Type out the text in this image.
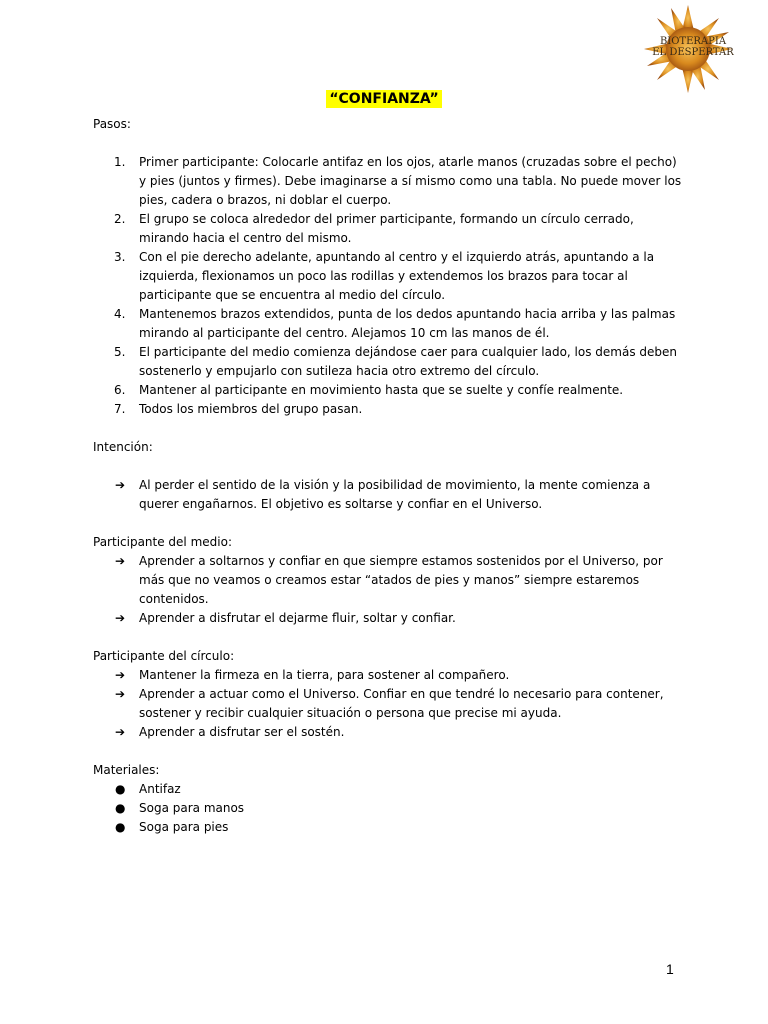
BIOTERAPIA
EL DESPERTAR
“CONFIANZA”
Pasos:
1. Primer participante: Colocarle antifaz en los ojos, atarle manos (cruzadas sobre el pecho) y pies (juntos y firmes). Debe imaginarse a sí mismo como una tabla. No puede mover los pies, cadera o brazos, ni doblar el cuerpo.
2. El grupo se coloca alrededor del primer participante, formando un círculo cerrado, mirando hacia el centro del mismo.
3. Con el pie derecho adelante, apuntando al centro y el izquierdo atrás, apuntando a la izquierda, flexionamos un poco las rodillas y extendemos los brazos para tocar al participante que se encuentra al medio del círculo.
4. Mantenemos brazos extendidos, punta de los dedos apuntando hacia arriba y las palmas mirando al participante del centro. Alejamos 10 cm las manos de él.
5. El participante del medio comienza dejándose caer para cualquier lado, los demás deben sostenerlo y empujarlo con sutileza hacia otro extremo del círculo.
6. Mantener al participante en movimiento hasta que se suelte y confíe realmente.
7. Todos los miembros del grupo pasan.
Intención:
➔ Al perder el sentido de la visión y la posibilidad de movimiento, la mente comienza a querer engañarnos. El objetivo es soltarse y confiar en el Universo.
Participante del medio:
➔ Aprender a soltarnos y confiar en que siempre estamos sostenidos por el Universo, por más que no veamos o creamos estar “atados de pies y manos” siempre estaremos contenidos.
➔ Aprender a disfrutar el dejarme fluir, soltar y confiar.
Participante del círculo:
➔ Mantener la firmeza en la tierra, para sostener al compañero.
➔ Aprender a actuar como el Universo. Confiar en que tendré lo necesario para contener, sostener y recibir cualquier situación o persona que precise mi ayuda.
➔ Aprender a disfrutar ser el sostén.
Materiales:
● Antifaz
● Soga para manos
● Soga para pies
1
